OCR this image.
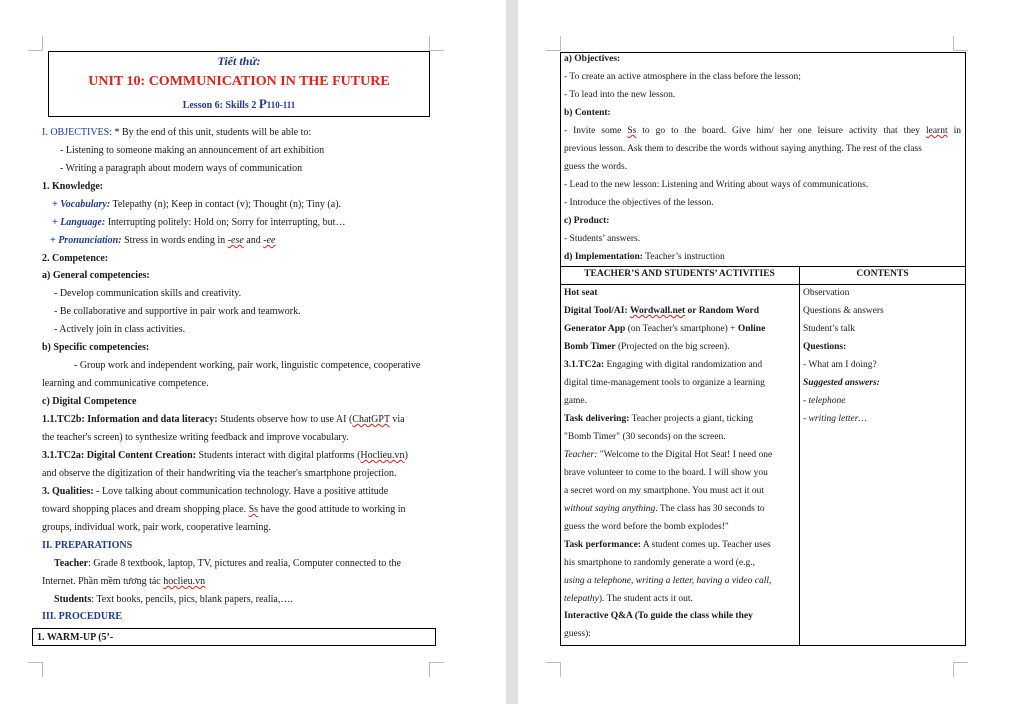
Tiết thứ:
UNIT 10: COMMUNICATION IN THE FUTURE
Lesson 6: Skills 2 P110-111
I. OBJECTIVES: * By the end of this unit, students will be able to:
- Listening to someone making an announcement of art exhibition
- Writing a paragraph about modern ways of communication
1. Knowledge:
+ Vocabulary: Telepathy (n); Keep in contact (v); Thought (n); Tiny (a).
+ Language: Interrupting politely: Hold on; Sorry for interrupting, but…
+ Pronunciation: Stress in words ending in -ese and -ee
2. Competence:
a) General competencies:
- Develop communication skills and creativity.
- Be collaborative and supportive in pair work and teamwork.
- Actively join in class activities.
b) Specific competencies:
- Group work and independent working, pair work, linguistic competence, cooperative
learning and communicative competence.
c) Digital Competence
1.1.TC2b: Information and data literacy: Students observe how to use AI (ChatGPT via
the teacher's screen) to synthesize writing feedback and improve vocabulary.
3.1.TC2a: Digital Content Creation: Students interact with digital platforms (Hoclieu.vn)
and observe the digitization of their handwriting via the teacher's smartphone projection.
3. Qualities: - Love talking about communication technology. Have a positive attitude
toward shopping places and dream shopping place. Ss have the good attitude to working in
groups, individual work, pair work, cooperative learning.
II. PREPARATIONS
Teacher: Grade 8 textbook, laptop, TV, pictures and realia, Computer connected to the
Internet. Phần mềm tương tác hoclieu.vn
Students: Text books, pencils, pics, blank papers, realia,….
III. PROCEDURE
1. WARM-UP (5’-
a) Objectives:
- To create an active atmosphere in the class before the lesson;
- To lead into the new lesson.
b) Content:
- Invite some Ss to go to the board. Give him/ her one leisure activity that they learnt in
previous lesson. Ask them to describe the words without saying anything. The rest of the class
guess the words.
- Lead to the new lesson: Listening and Writing about ways of communications.
- Introduce the objectives of the lesson.
c) Product:
- Students’ answers.
d) Implementation: Teacher’s instruction
TEACHER’S AND STUDENTS’ ACTIVITIES	CONTENTS
Hot seat
Digital Tool/AI: Wordwall.net or Random Word
Generator App (on Teacher's smartphone) + Online
Bomb Timer (Projected on the big screen).
3.1.TC2a: Engaging with digital randomization and
digital time-management tools to organize a learning
game.
Task delivering: Teacher projects a giant, ticking
"Bomb Timer" (30 seconds) on the screen.
Teacher: "Welcome to the Digital Hot Seat! I need one
brave volunteer to come to the board. I will show you
a secret word on my smartphone. You must act it out
without saying anything. The class has 30 seconds to
guess the word before the bomb explodes!"
Task performance: A student comes up. Teacher uses
his smartphone to randomly generate a word (e.g.,
using a telephone, writing a letter, having a video call,
telepathy). The student acts it out.
Interactive Q&A (To guide the class while they
guess):
Observation
Questions & answers
Student’s talk
Questions:
- What am I doing?
Suggested answers:
- telephone
- writing letter…
